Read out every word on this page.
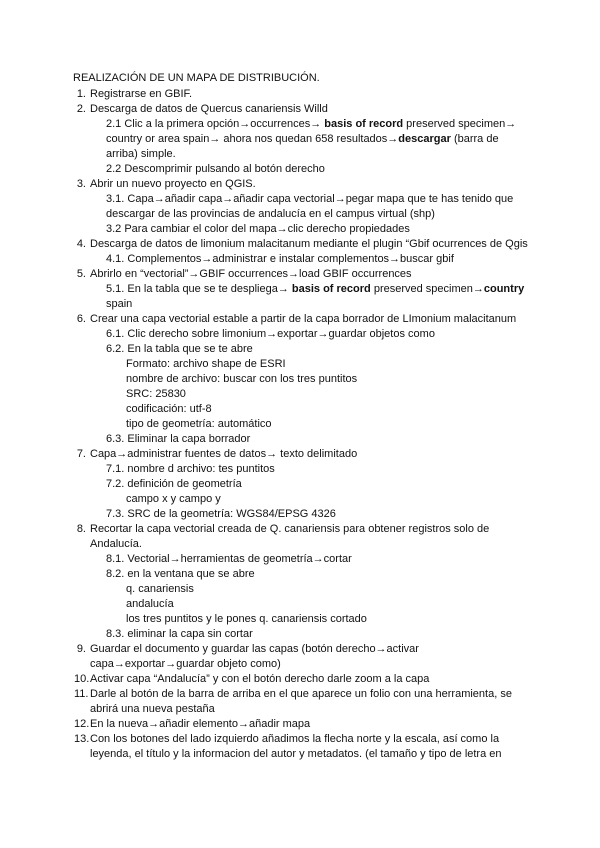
REALIZACIÓN DE UN MAPA DE DISTRIBUCIÓN.
1. Registrarse en GBIF.
2. Descarga de datos de Quercus canariensis Willd
2.1 Clic a la primera opción→occurrences→ basis of record preserved specimen→ country or area spain→ ahora nos quedan 658 resultados→descargar (barra de arriba) simple.
2.2 Descomprimir pulsando al botón derecho
3. Abrir un nuevo proyecto en QGIS.
3.1. Capa→añadir capa→añadir capa vectorial→pegar mapa que te has tenido que descargar de las provincias de andalucía en el campus virtual (shp)
3.2 Para cambiar el color del mapa→clic derecho propiedades
4. Descarga de datos de limonium malacitanum mediante el plugin “Gbif ocurrences de Qgis
4.1. Complementos→administrar e instalar complementos→buscar gbif
5. Abrirlo en “vectorial”→GBIF occurrences→load GBIF occurrences
5.1. En la tabla que se te despliega→ basis of record preserved specimen→country spain
6. Crear una capa vectorial estable a partir de la capa borrador de LImonium malacitanum
6.1. Clic derecho sobre limonium→exportar→guardar objetos como
6.2. En la tabla que se te abre
Formato: archivo shape de ESRI
nombre de archivo: buscar con los tres puntitos
SRC: 25830
codificación: utf-8
tipo de geometría: automático
6.3. Eliminar la capa borrador
7. Capa→administrar fuentes de datos→ texto delimitado
7.1. nombre d archivo: tes puntitos
7.2. definición de geometría
campo x y campo y
7.3. SRC de la geometría: WGS84/EPSG 4326
8. Recortar la capa vectorial creada de Q. canariensis para obtener registros solo de Andalucía.
8.1. Vectorial→herramientas de geometría→cortar
8.2. en la ventana que se abre
q. canariensis
andalucía
los tres puntitos y le pones q. canariensis cortado
8.3. eliminar la capa sin cortar
9. Guardar el documento y guardar las capas (botón derecho→activar capa→exportar→guardar objeto como)
10. Activar capa “Andalucía” y con el botón derecho darle zoom a la capa
11. Darle al botón de la barra de arriba en el que aparece un folio con una herramienta, se abrirá una nueva pestaña
12. En la nueva→añadir elemento→añadir mapa
13. Con los botones del lado izquierdo añadimos la flecha norte y la escala, así como la leyenda, el título y la informacion del autor y metadatos. (el tamaño y tipo de letra en
